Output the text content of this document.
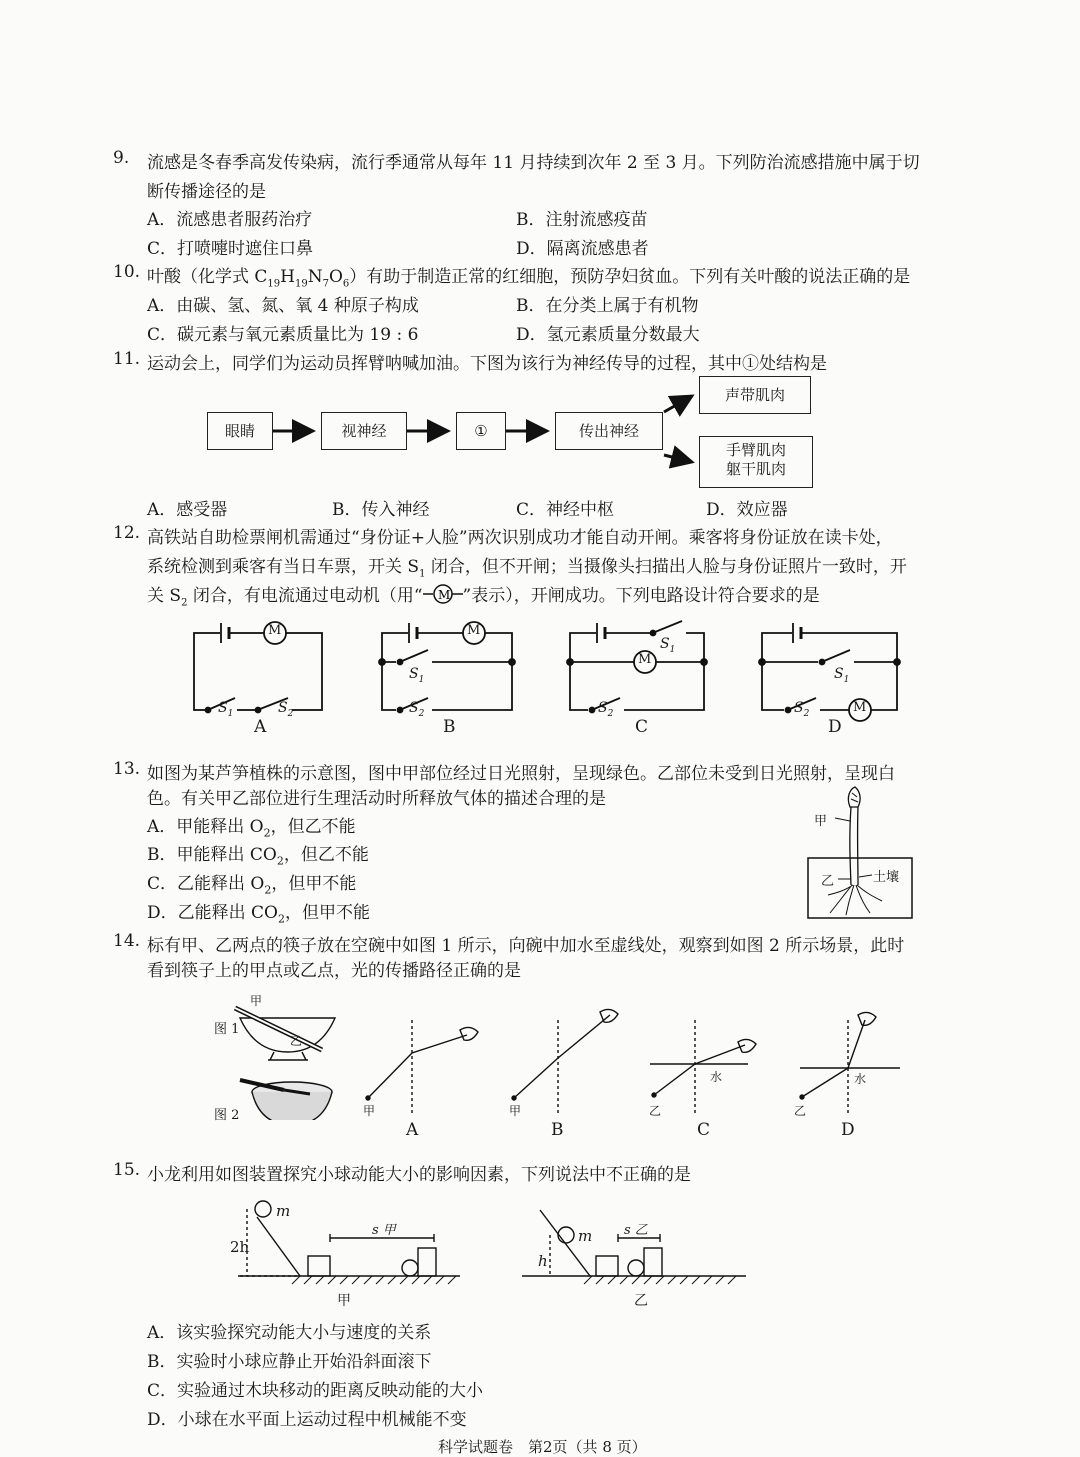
9. 流感是冬春季高发传染病，流行季通常从每年 11 月持续到次年 2 至 3 月。下列防治流感措施中属于切
断传播途径的是
A．流感患者服药治疗	B．注射流感疫苗
C．打喷嚏时遮住口鼻	D．隔离流感患者
10. 叶酸（化学式 $C_{19}H_{19}N_7O_6$）有助于制造正常的红细胞，预防孕妇贫血。下列有关叶酸的说法正确的是
A．由碳、氢、氮、氧 4 种原子构成	B．在分类上属于有机物
C．碳元素与氧元素质量比为 19 : 6	D．氢元素质量分数最大
11. 运动会上，同学们为运动员挥臂呐喊加油。下图为该行为神经传导的过程，其中①处结构是
眼睛	视神经	①	传出神经
声带肌肉
手臂肌肉
躯干肌肉
A．感受器	B．传入神经	C．神经中枢	D．效应器
12. 高铁站自助检票闸机需通过“身份证+人脸”两次识别成功才能自动开闸。乘客将身份证放在读卡处，
系统检测到乘客有当日车票，开关 $S_1$ 闭合，但不开闸；当摄像头扫描出人脸与身份证照片一致时，开
关 $S_2$ 闭合，有电流通过电动机（用“ M ”表示），开闸成功。下列电路设计符合要求的是
M	M
M
M
$S_1$	$S_2$
$S_1$
$S_2$
$S_1$
$S_2$
$S_1$
$S_2$
A	B	C	D
13. 如图为某芦笋植株的示意图，图中甲部位经过日光照射，呈现绿色。乙部位未受到日光照射，呈现白
色。有关甲乙部位进行生理活动时所释放气体的描述合理的是
A．甲能释出 $O_2$，但乙不能
B．甲能释出 $CO_2$，但乙不能
C．乙能释出 $O_2$，但甲不能
D．乙能释出 $CO_2$，但甲不能
甲
乙	土壤
14. 标有甲、乙两点的筷子放在空碗中如图 1 所示，向碗中加水至虚线处，观察到如图 2 所示场景，此时
看到筷子上的甲点或乙点，光的传播路径正确的是
图 1
图 2
甲
乙
甲	甲	乙
水
乙
水
A	B	C	D
15. 小龙利用如图装置探究小球动能大小的影响因素，下列说法中不正确的是
m
2h
s 甲
甲
m
h
s 乙
乙
A．该实验探究动能大小与速度的关系
B．实验时小球应静止开始沿斜面滚下
C．实验通过木块移动的距离反映动能的大小
D．小球在水平面上运动过程中机械能不变
科学试题卷　第2页（共 8 页）
